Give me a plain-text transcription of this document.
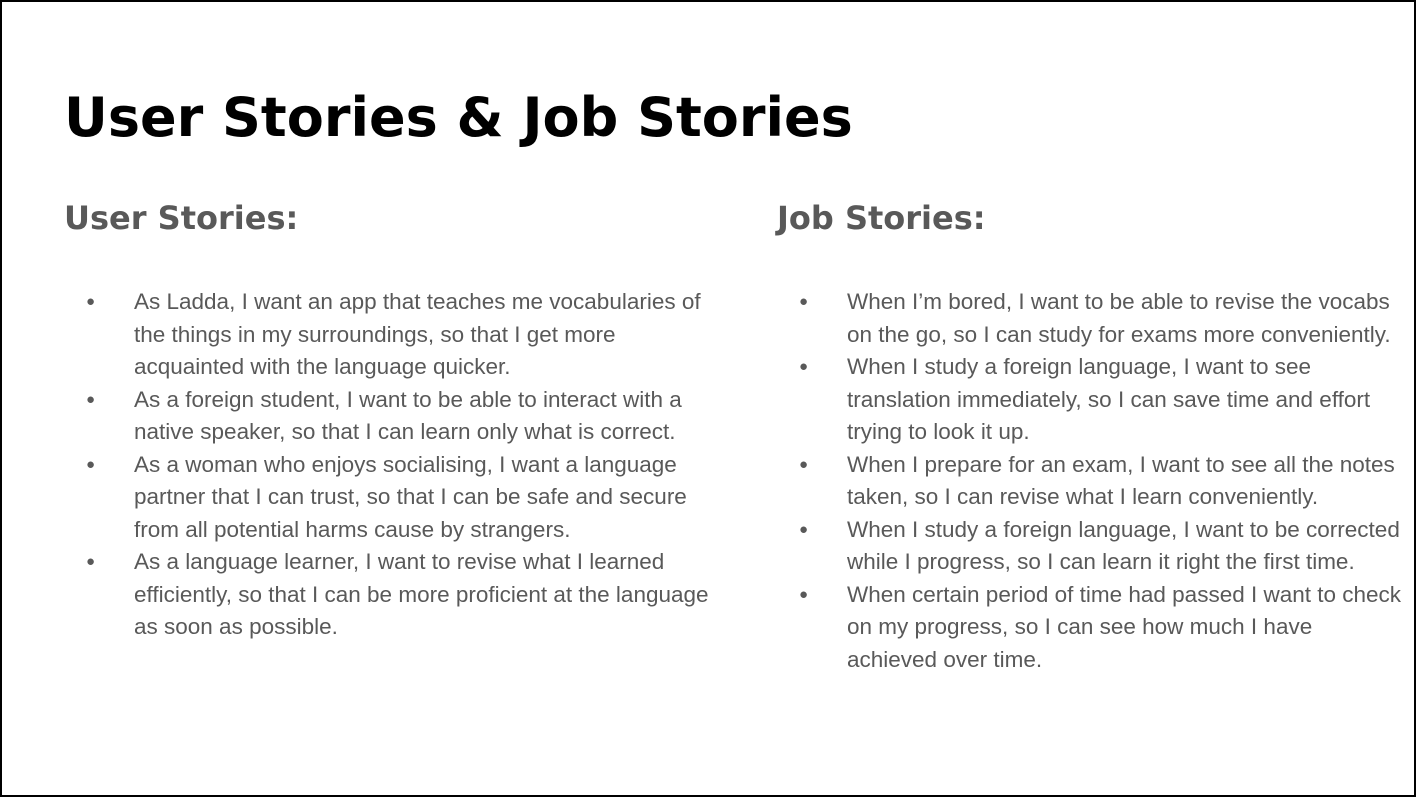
User Stories & Job Stories
User Stories:
● As Ladda, I want an app that teaches me vocabularies of the things in my surroundings, so that I get more acquainted with the language quicker.
● As a foreign student, I want to be able to interact with a native speaker, so that I can learn only what is correct.
● As a woman who enjoys socialising, I want a language partner that I can trust, so that I can be safe and secure from all potential harms cause by strangers.
● As a language learner, I want to revise what I learned efficiently, so that I can be more proficient at the language as soon as possible.
Job Stories:
● When I’m bored, I want to be able to revise the vocabs on the go, so I can study for exams more conveniently.
● When I study a foreign language, I want to see translation immediately, so I can save time and effort trying to look it up.
● When I prepare for an exam, I want to see all the notes taken, so I can revise what I learn conveniently.
● When I study a foreign language, I want to be corrected while I progress, so I can learn it right the first time.
● When certain period of time had passed I want to check on my progress, so I can see how much I have achieved over time.
